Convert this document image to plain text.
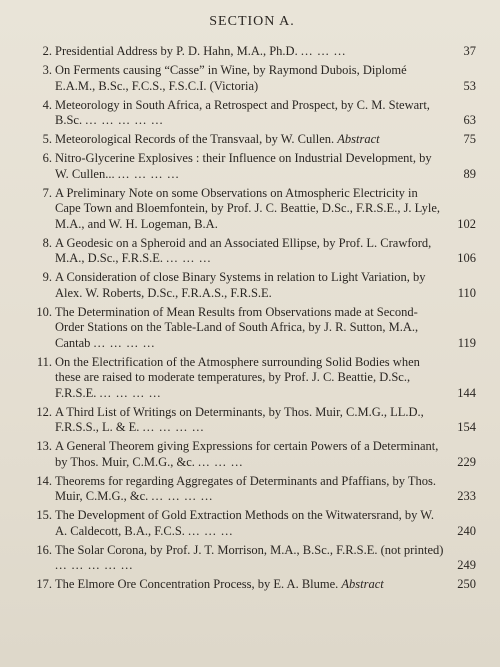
SECTION A.
2. Presidential Address by P. D. Hahn, M.A., Ph.D. ... ... ...	37
3. On Ferments causing “Casse” in Wine, by Raymond Dubois, Diplomé E.A.M., B.Sc., F.C.S., F.S.C.I. (Victoria)	53
4. Meteorology in South Africa, a Retrospect and Prospect, by C. M. Stewart, B.Sc. ... ... ... ... ...	63
5. Meteorological Records of the Transvaal, by W. Cullen. Abstract	75
6. Nitro-Glycerine Explosives : their Influence on Industrial Development, by W. Cullen... ... ... ... ...	89
7. A Preliminary Note on some Observations on Atmospheric Electricity in Cape Town and Bloemfontein, by Prof. J. C. Beattie, D.Sc., F.R.S.E., J. Lyle, M.A., and W. H. Logeman, B.A.	102
8. A Geodesic on a Spheroid and an Associated Ellipse, by Prof. L. Crawford, M.A., D.Sc., F.R.S.E. ... ... ...	106
9. A Consideration of close Binary Systems in relation to Light Variation, by Alex. W. Roberts, D.Sc., F.R.A.S., F.R.S.E.	110
10. The Determination of Mean Results from Observations made at Second-Order Stations on the Table-Land of South Africa, by J. R. Sutton, M.A., Cantab ... ... ... ...	119
11. On the Electrification of the Atmosphere surrounding Solid Bodies when these are raised to moderate temperatures, by Prof. J. C. Beattie, D.Sc., F.R.S.E. ... ... ... ...	144
12. A Third List of Writings on Determinants, by Thos. Muir, C.M.G., LL.D., F.R.S.S., L. & E. ... ... ... ...	154
13. A General Theorem giving Expressions for certain Powers of a Determinant, by Thos. Muir, C.M.G., &c. ... ... ...	229
14. Theorems for regarding Aggregates of Determinants and Pfaffians, by Thos. Muir, C.M.G., &c. ... ... ... ...	233
15. The Development of Gold Extraction Methods on the Witwatersrand, by W. A. Caldecott, B.A., F.C.S. ... ... ...	240
16. The Solar Corona, by Prof. J. T. Morrison, M.A., B.Sc., F.R.S.E. (not printed) ... ... ... ... ...	249
17. The Elmore Ore Concentration Process, by E. A. Blume. Abstract	250
